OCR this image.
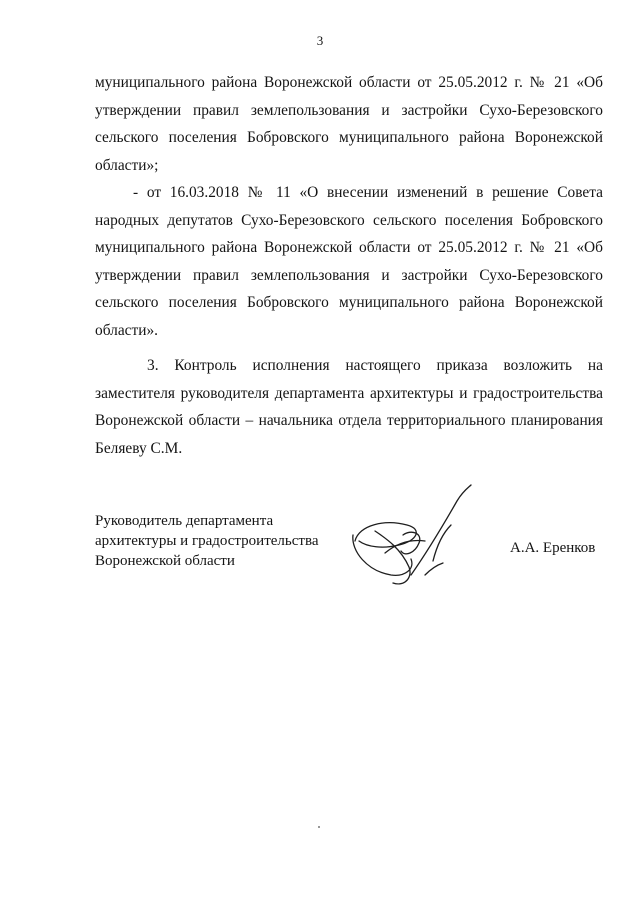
3
муниципального района Воронежской области от 25.05.2012 г. № 21 «Об
утверждении правил землепользования и застройки Сухо-Березовского
сельского поселения Бобровского муниципального района Воронежской
области»;
- от 16.03.2018 № 11 «О внесении изменений в решение Совета
народных депутатов Сухо-Березовского сельского поселения Бобровского
муниципального района Воронежской области от 25.05.2012 г. № 21 «Об
утверждении правил землепользования и застройки Сухо-Березовского
сельского поселения Бобровского муниципального района Воронежской
области».
3. Контроль исполнения настоящего приказа возложить на
заместителя руководителя департамента архитектуры и градостроительства
Воронежской области – начальника отдела территориального планирования
Беляеву С.М.
Руководитель департамента
архитектуры и градостроительства
Воронежской области
А.А. Еренков
